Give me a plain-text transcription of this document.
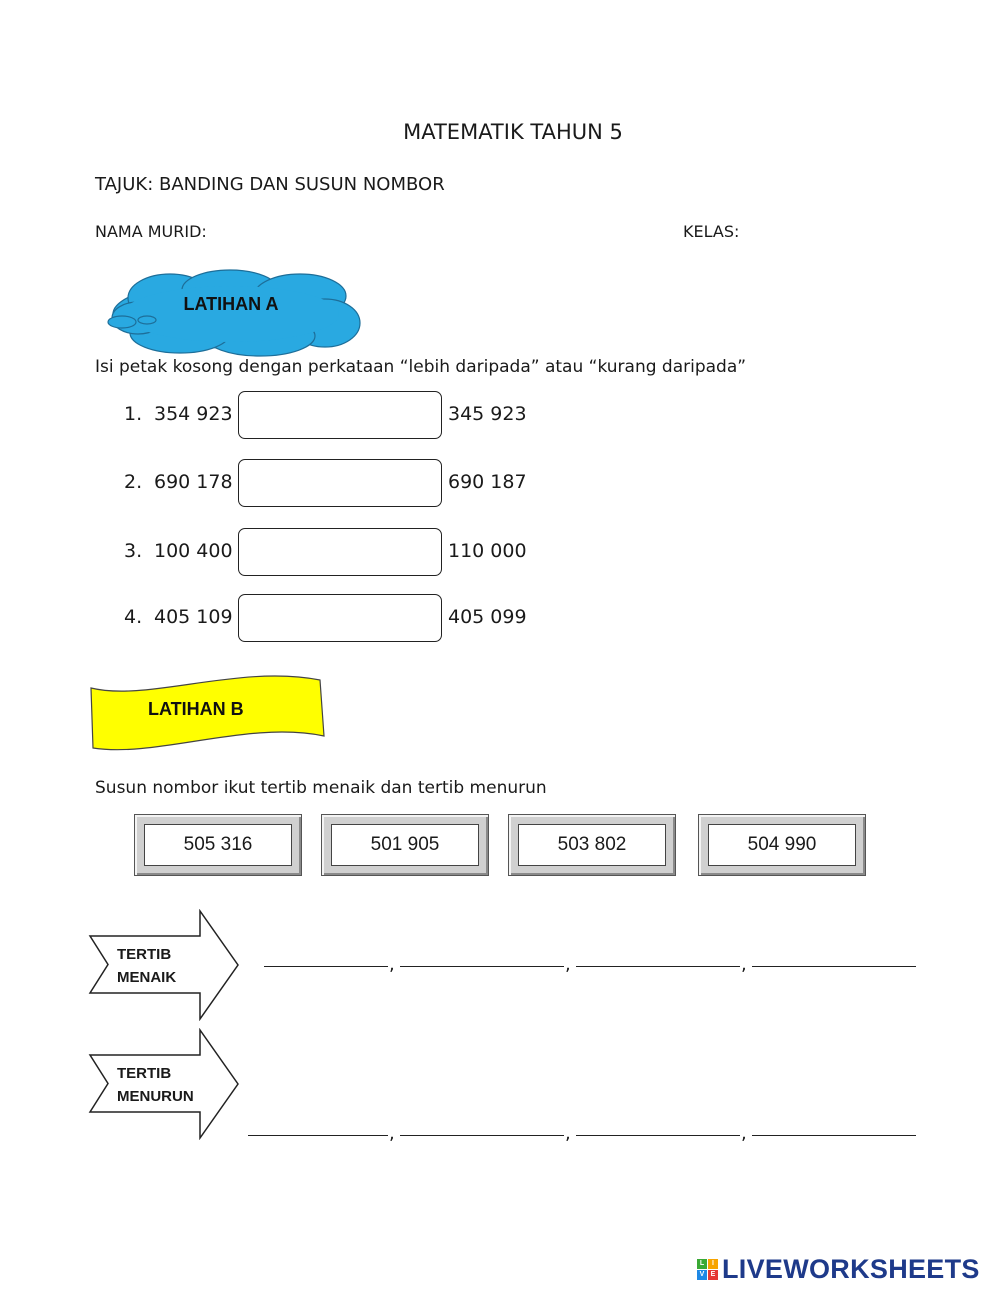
MATEMATIK TAHUN 5
TAJUK: BANDING DAN SUSUN NOMBOR
NAMA MURID:	KELAS:
LATIHAN A
Isi petak kosong dengan perkataan “lebih daripada” atau “kurang daripada”
1. 354 923	345 923
2. 690 178	690 187
3. 100 400	110 000
4. 405 109	405 099
LATIHAN B
Susun nombor ikut tertib menaik dan tertib menurun
505 316	501 905	503 802	504 990
TERTIB
MENAIK
TERTIB
MENURUN
,	,	,
,	,	,
L	I
V E LIVEWORKSHEETS
